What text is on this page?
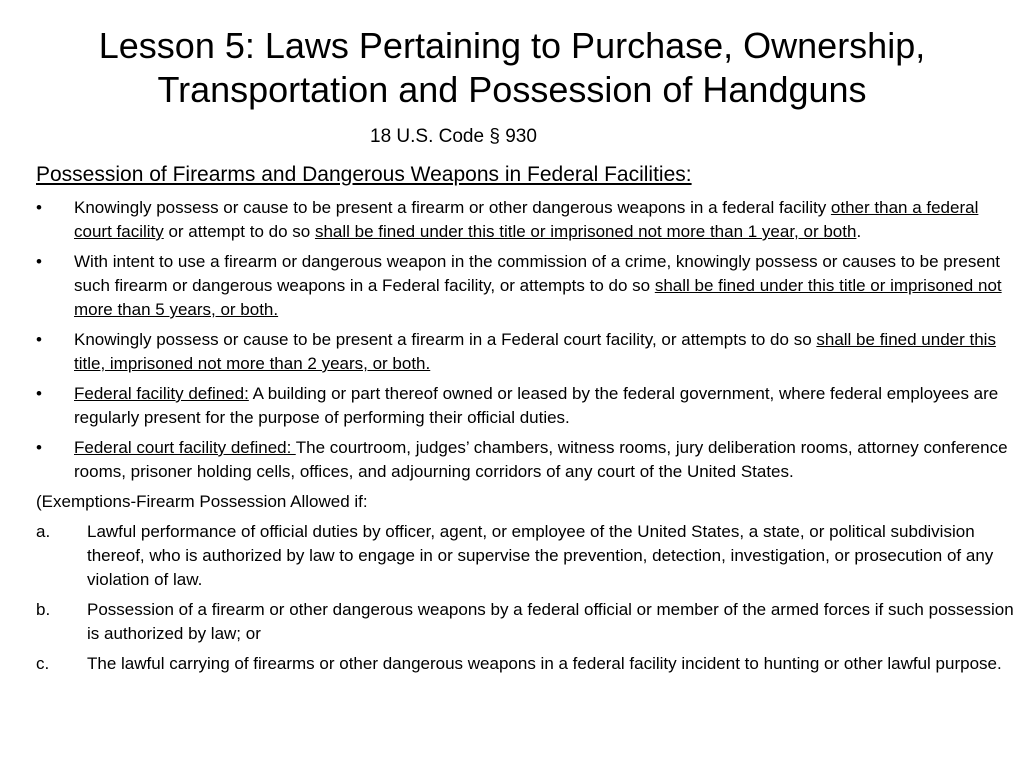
Lesson 5: Laws Pertaining to Purchase, Ownership,
Transportation and Possession of Handguns
18 U.S. Code § 930
Possession of Firearms and Dangerous Weapons in Federal Facilities:
•	Knowingly possess or cause to be present a firearm or other dangerous weapons in a federal facility other than a federal court facility or attempt to do so shall be fined under this title or imprisoned not more than 1 year, or both.
•	With intent to use a firearm or dangerous weapon in the commission of a crime, knowingly possess or causes to be present such firearm or dangerous weapons in a Federal facility, or attempts to do so shall be fined under this title or imprisoned not more than 5 years, or both.
•	Knowingly possess or cause to be present a firearm in a Federal court facility, or attempts to do so shall be fined under this title, imprisoned not more than 2 years, or both.
•	Federal facility defined: A building or part thereof owned or leased by the federal government, where federal employees are regularly present for the purpose of performing their official duties.
•	Federal court facility defined: The courtroom, judges’ chambers, witness rooms, jury deliberation rooms, attorney conference rooms, prisoner holding cells, offices, and adjourning corridors of any court of the United States.
(Exemptions-Firearm Possession Allowed if:
a. Lawful performance of official duties by officer, agent, or employee of the United States, a state, or political subdivision thereof, who is authorized by law to engage in or supervise the prevention, detection, investigation, or prosecution of any violation of law.
b. Possession of a firearm or other dangerous weapons by a federal official or member of the armed forces if such possession is authorized by law; or
c. The lawful carrying of firearms or other dangerous weapons in a federal facility incident to hunting or other lawful purpose.
